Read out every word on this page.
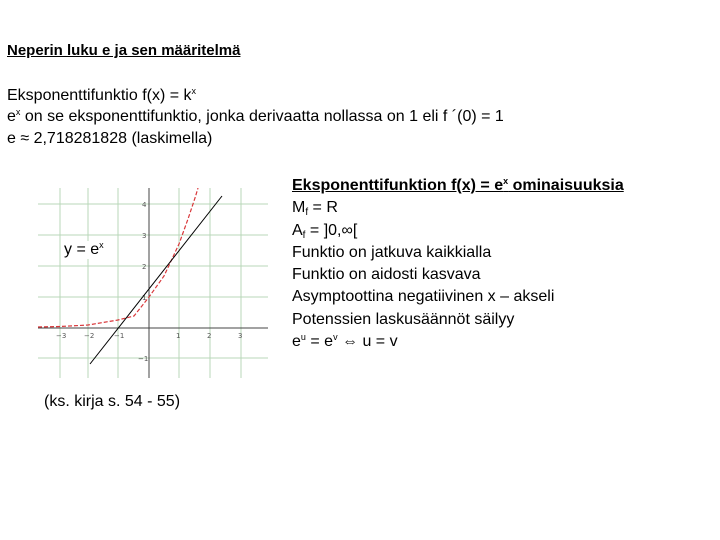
Neperin luku e ja sen määritelmä
Eksponenttifunktio $f(x) = k^x$
$e^x$ on se eksponenttifunktio, jonka derivaatta nollassa on 1 eli f ´(0) = 1
e ≈ 2,718281828 (laskimella)
−3	−2	−1	1	2	3
4
3
2
1
−1
$y = e^x$
(ks. kirja s. 54 - 55)
Eksponenttifunktion $f(x) = e^x$ ominaisuuksia
$M_f = R$
$A_f = ]0,\infty$[
Funktio on jatkuva kaikkialla
Funktio on aidosti kasvava
Asymptoottina negatiivinen x – akseli
Potenssien laskusäännöt säilyy
$e^u = e^v$ ⇔ u = v
